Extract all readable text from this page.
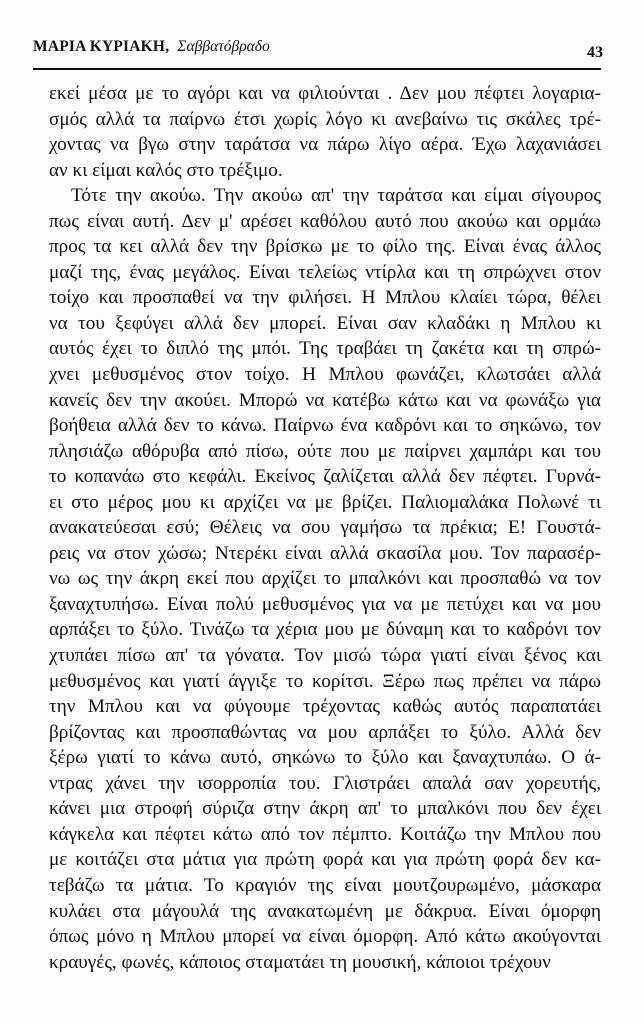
ΜΑΡΙΑ ΚΥΡΙΑΚΗ, Σαββατόβραδο	43
εκεί μέσα με το αγόρι και να φιλιούνται . Δεν μου πέφτει λογαρια-
σμός αλλά τα παίρνω έτσι χωρίς λόγο κι ανεβαίνω τις σκάλες τρέ-
χοντας να βγω στην ταράτσα να πάρω λίγο αέρα. Έχω λαχανιάσει
αν κι είμαι καλός στο τρέξιμο.
Τότε την ακούω. Την ακούω απ' την ταράτσα και είμαι σίγουρος
πως είναι αυτή. Δεν μ' αρέσει καθόλου αυτό που ακούω και ορμάω
προς τα κει αλλά δεν την βρίσκω με το φίλο της. Είναι ένας άλλος
μαζί της, ένας μεγάλος. Είναι τελείως ντίρλα και τη σπρώχνει στον
τοίχο και προσπαθεί να την φιλήσει. Η Μπλου κλαίει τώρα, θέλει
να του ξεφύγει αλλά δεν μπορεί. Είναι σαν κλαδάκι η Μπλου κι
αυτός έχει το διπλό της μπόι. Της τραβάει τη ζακέτα και τη σπρώ-
χνει μεθυσμένος στον τοίχο. Η Μπλου φωνάζει, κλωτσάει αλλά
κανείς δεν την ακούει. Μπορώ να κατέβω κάτω και να φωνάξω για
βοήθεια αλλά δεν το κάνω. Παίρνω ένα καδρόνι και το σηκώνω, τον
πλησιάζω αθόρυβα από πίσω, ούτε που με παίρνει χαμπάρι και του
το κοπανάω στο κεφάλι. Εκείνος ζαλίζεται αλλά δεν πέφτει. Γυρνά-
ει στο μέρος μου κι αρχίζει να με βρίζει. Παλιομαλάκα Πολωνέ τι
ανακατεύεσαι εσύ; Θέλεις να σου γαμήσω τα πρέκια; Ε! Γουστά-
ρεις να στον χώσω; Ντερέκι είναι αλλά σκασίλα μου. Τον παρασέρ-
νω ως την άκρη εκεί που αρχίζει το μπαλκόνι και προσπαθώ να τον
ξαναχτυπήσω. Είναι πολύ μεθυσμένος για να με πετύχει και να μου
αρπάξει το ξύλο. Τινάζω τα χέρια μου με δύναμη και το καδρόνι τον
χτυπάει πίσω απ' τα γόνατα. Τον μισώ τώρα γιατί είναι ξένος και
μεθυσμένος και γιατί άγγιξε το κορίτσι. Ξέρω πως πρέπει να πάρω
την Μπλου και να φύγουμε τρέχοντας καθώς αυτός παραπατάει
βρίζοντας και προσπαθώντας να μου αρπάξει το ξύλο. Αλλά δεν
ξέρω γιατί το κάνω αυτό, σηκώνω το ξύλο και ξαναχτυπάω. Ο ά-
ντρας χάνει την ισορροπία του. Γλιστράει απαλά σαν χορευτής,
κάνει μια στροφή σύριζα στην άκρη απ' το μπαλκόνι που δεν έχει
κάγκελα και πέφτει κάτω από τον πέμπτο. Κοιτάζω την Μπλου που
με κοιτάζει στα μάτια για πρώτη φορά και για πρώτη φορά δεν κα-
τεβάζω τα μάτια. Το κραγιόν της είναι μουτζουρωμένο, μάσκαρα
κυλάει στα μάγουλά της ανακατωμένη με δάκρυα. Είναι όμορφη
όπως μόνο η Μπλου μπορεί να είναι όμορφη. Από κάτω ακούγονται
κραυγές, φωνές, κάποιος σταματάει τη μουσική, κάποιοι τρέχουν
